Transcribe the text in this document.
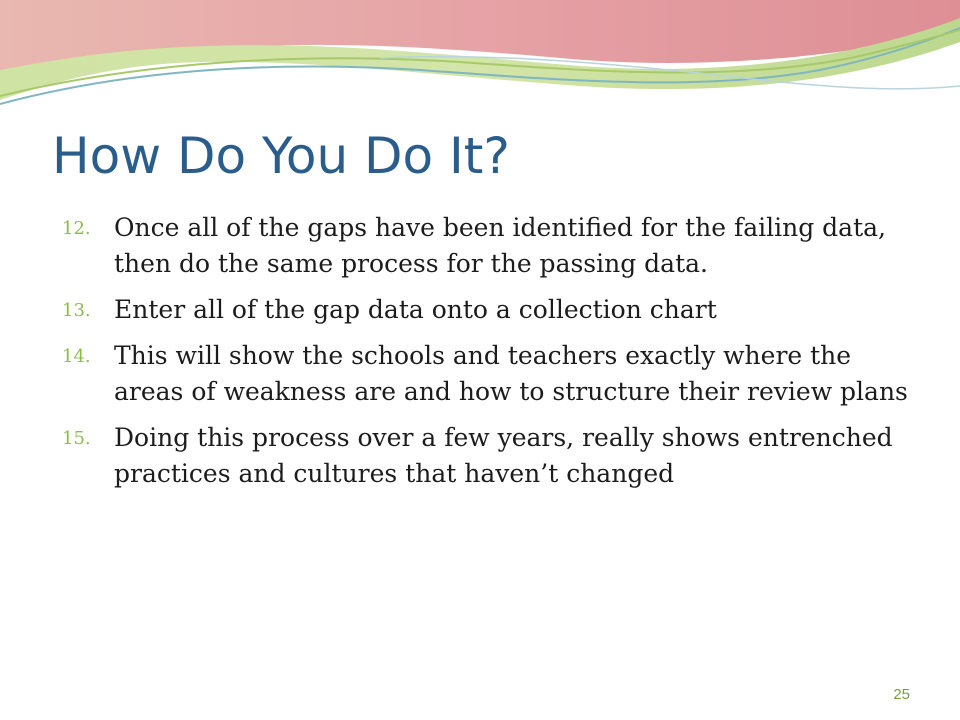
How Do You Do It?
12. Once all of the gaps have been identified for the failing data, then do the same process for the passing data.
13. Enter all of the gap data onto a collection chart
14. This will show the schools and teachers exactly where the areas of weakness are and how to structure their review plans
15. Doing this process over a few years, really shows entrenched practices and cultures that haven’t changed
25
